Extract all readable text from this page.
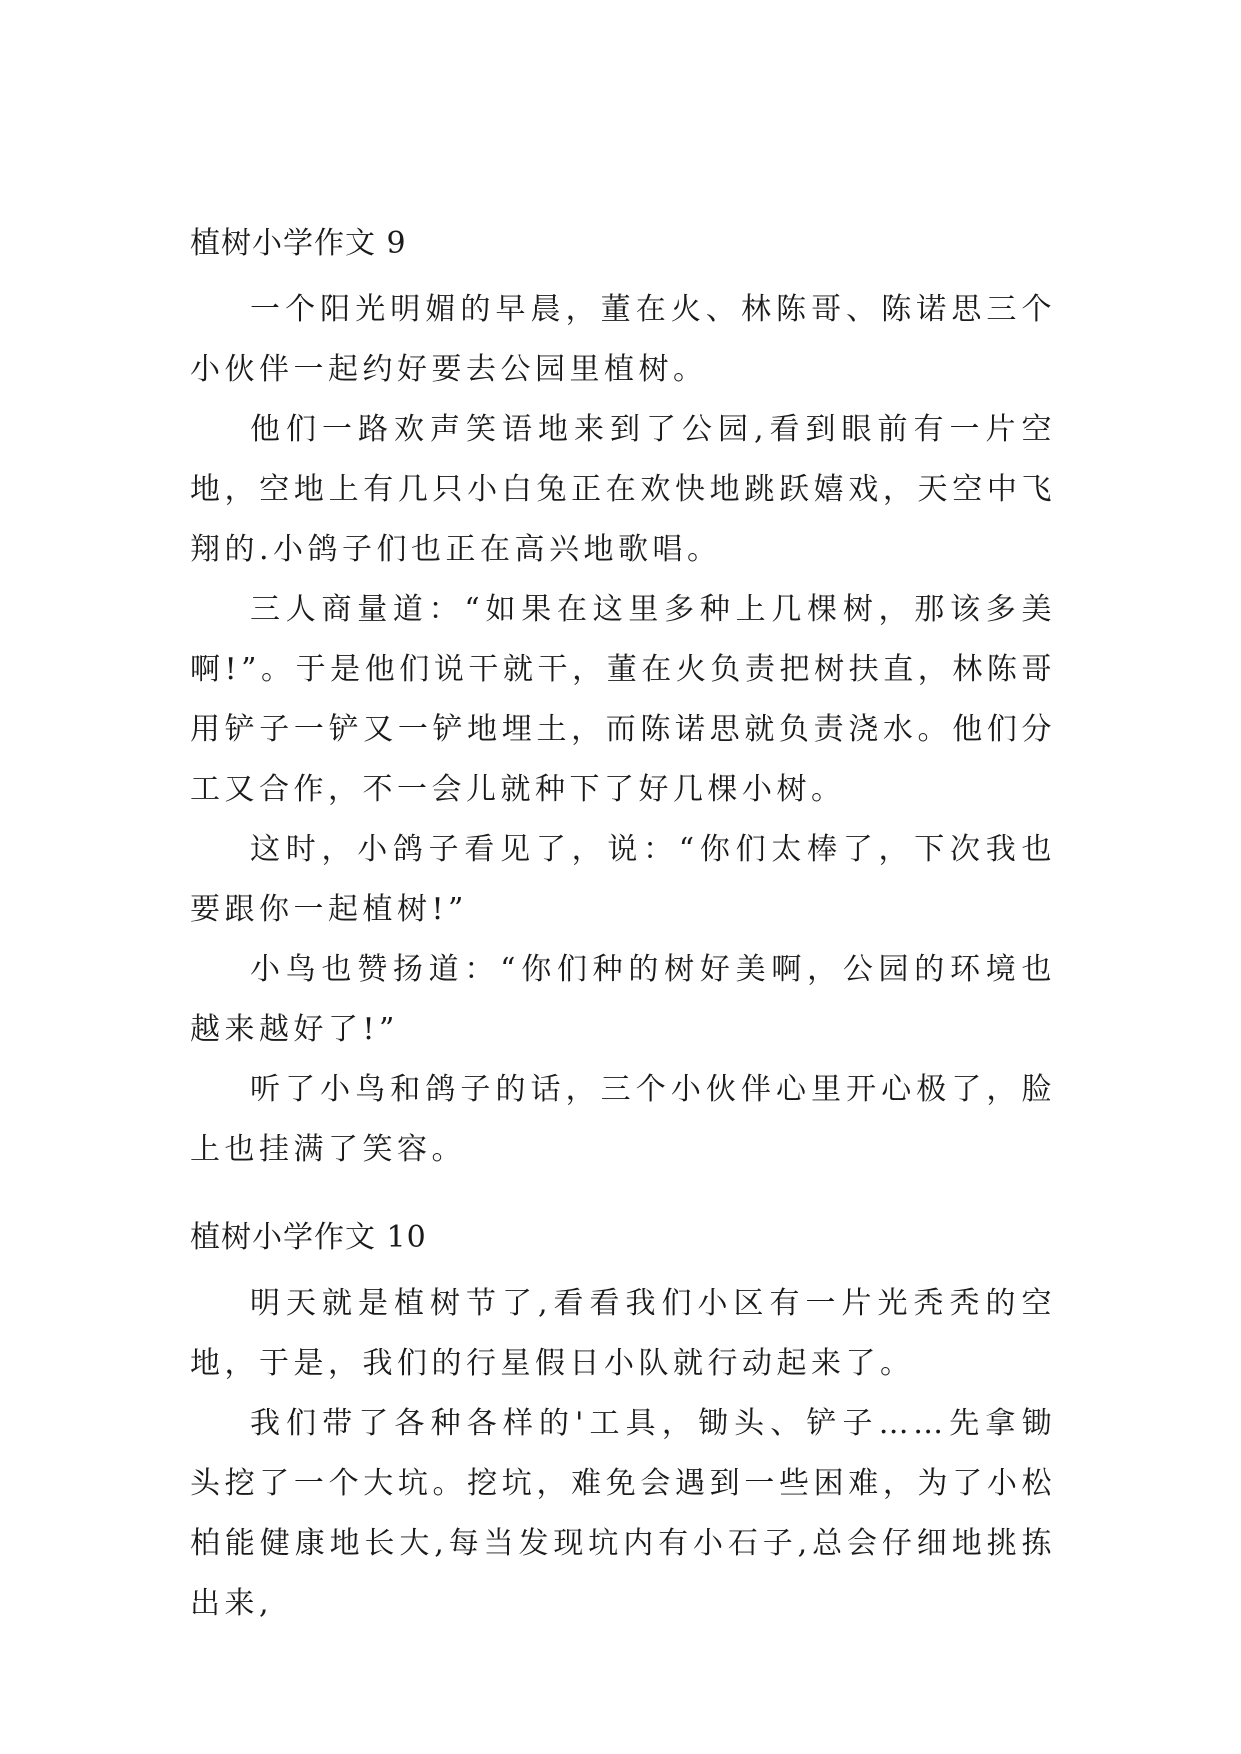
植树小学作文 9

一个阳光明媚的早晨，董在火、林陈哥、陈诺思三个小伙伴一起约好要去公园里植树。

他们一路欢声笑语地来到了公园,看到眼前有一片空地，空地上有几只小白兔正在欢快地跳跃嬉戏，天空中飞翔的.小鸽子们也正在高兴地歌唱。

三人商量道：“如果在这里多种上几棵树，那该多美啊!”。于是他们说干就干，董在火负责把树扶直，林陈哥用铲子一铲又一铲地埋土，而陈诺思就负责浇水。他们分工又合作，不一会儿就种下了好几棵小树。

这时，小鸽子看见了，说：“你们太棒了，下次我也要跟你一起植树!”

小鸟也赞扬道：“你们种的树好美啊，公园的环境也越来越好了!”

听了小鸟和鸽子的话，三个小伙伴心里开心极了，脸上也挂满了笑容。

植树小学作文 10

明天就是植树节了,看看我们小区有一片光秃秃的空地，于是，我们的行星假日小队就行动起来了。

我们带了各种各样的'工具，锄头、铲子……先拿锄头挖了一个大坑。挖坑，难免会遇到一些困难，为了小松柏能健康地长大,每当发现坑内有小石子,总会仔细地挑拣出来,
